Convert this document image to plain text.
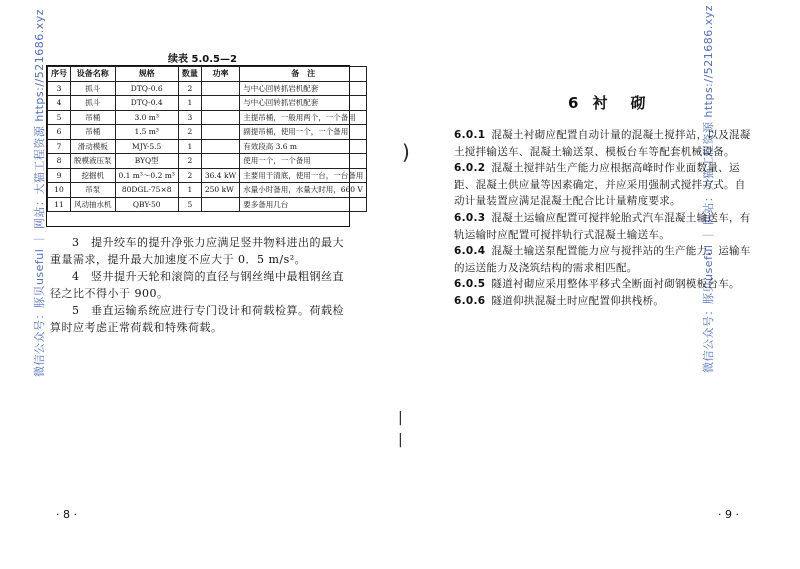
微信公众号：豚贝useful ｜ 网站：大猫工程资源 https://521686.xyz	续表 5.0.5—2
序号	设备名称	规格	数量	功率	备　注
3	抓斗	DTQ-0.6	2		与中心回转抓岩机配套
4	抓斗	DTQ-0.4	1		与中心回转抓岩机配套
5	吊桶	3.0 m³	3		主提吊桶，一般用两个，一个备用
6	吊桶	1.5 m³	2		副提吊桶，使用一个，一个备用
7	滑动模板	MJY-5.5	1		有效段高 3.6 m
8	脱模液压泵	BYQ型	2		使用一个，一个备用
9	挖掘机	0.1 m³～0.2 m³	2	36.4 kW	主要用于清底，使用一台，一台备用
10	吊泵	80DGL-75×8	1	250 kW	水量小时备用，水量大时用，660 V
11	风动抽水机	QBY-50	5		要多备用几台
3　提升绞车的提升净张力应满足竖井物料进出的最大重量需求，提升最大加速度不应大于 0．5 m/s²。
4　竖井提升天轮和滚筒的直径与钢丝绳中最粗钢丝直径之比不得小于 900。
5　垂直运输系统应进行专门设计和荷载检算。荷载检算时应考虑正常荷载和特殊荷载。
· 8 ·
)
|
|
微信公众号：豚贝useful ｜ 网站：大猫工程资源 https://521686.xyz
6 衬　砌
6.0.1 混凝土衬砌应配置自动计量的混凝土搅拌站，以及混凝土搅拌输送车、混凝土输送泵、模板台车等配套机械设备。
6.0.2 混凝土搅拌站生产能力应根据高峰时作业面数量、运距、混凝土供应量等因素确定，并应采用强制式搅拌方式。自动计量装置应满足混凝土配合比计量精度要求。
6.0.3 混凝土运输应配置可搅拌轮胎式汽车混凝土输送车，有轨运输时应配置可搅拌轨行式混凝土输送车。
6.0.4 混凝土输送泵配置能力应与搅拌站的生产能力、运输车的运送能力及浇筑结构的需求相匹配。
6.0.5 隧道衬砌应采用整体平移式全断面衬砌钢模板台车。
6.0.6 隧道仰拱混凝土时应配置仰拱栈桥。
· 9 ·
